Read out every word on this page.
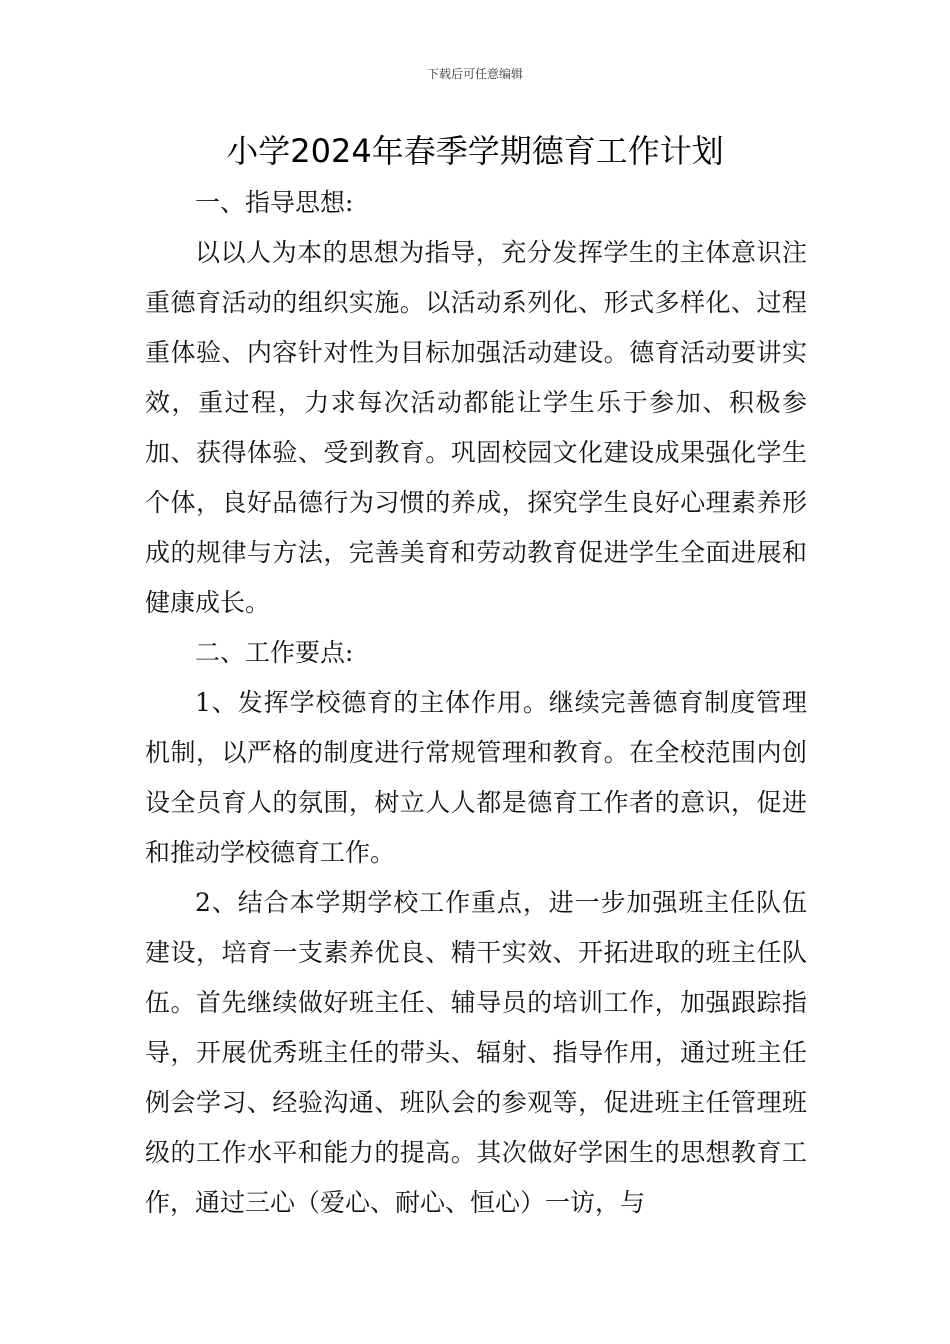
下载后可任意编辑
小学2024年春季学期德育工作计划

一、指导思想:

以以人为本的思想为指导，充分发挥学生的主体意识注重德育活动的组织实施。以活动系列化、形式多样化、过程重体验、内容针对性为目标加强活动建设。德育活动要讲实效，重过程，力求每次活动都能让学生乐于参加、积极参加、获得体验、受到教育。巩固校园文化建设成果强化学生个体，良好品德行为习惯的养成，探究学生良好心理素养形成的规律与方法，完善美育和劳动教育促进学生全面进展和健康成长。

二、工作要点:

1、发挥学校德育的主体作用。继续完善德育制度管理机制，以严格的制度进行常规管理和教育。在全校范围内创设全员育人的氛围，树立人人都是德育工作者的意识，促进和推动学校德育工作。

2、结合本学期学校工作重点，进一步加强班主任队伍建设，培育一支素养优良、精干实效、开拓进取的班主任队伍。首先继续做好班主任、辅导员的培训工作，加强跟踪指导，开展优秀班主任的带头、辐射、指导作用，通过班主任例会学习、经验沟通、班队会的参观等，促进班主任管理班级的工作水平和能力的提高。其次做好学困生的思想教育工作，通过三心（爱心、耐心、恒心）一访，与
